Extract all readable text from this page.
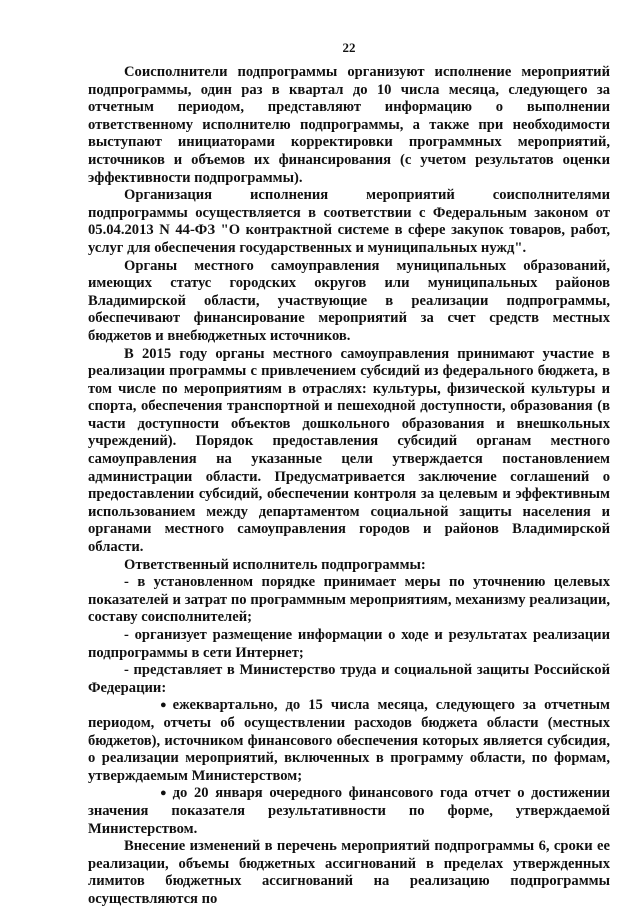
22

Соисполнители подпрограммы организуют исполнение мероприятий подпрограммы, один раз в квартал до 10 числа месяца, следующего за отчетным периодом, представляют информацию о выполнении ответственному исполнителю подпрограммы, а также при необходимости выступают инициаторами корректировки программных мероприятий, источников и объемов их финансирования (с учетом результатов оценки эффективности подпрограммы).

Организация исполнения мероприятий соисполнителями подпрограммы осуществляется в соответствии с Федеральным законом от 05.04.2013 N 44-ФЗ "О контрактной системе в сфере закупок товаров, работ, услуг для обеспечения государственных и муниципальных нужд".

Органы местного самоуправления муниципальных образований, имеющих статус городских округов или муниципальных районов Владимирской области, участвующие в реализации подпрограммы, обеспечивают финансирование мероприятий за счет средств местных бюджетов и внебюджетных источников.

В 2015 году органы местного самоуправления принимают участие в реализации программы с привлечением субсидий из федерального бюджета, в том числе по мероприятиям в отраслях: культуры, физической культуры и спорта, обеспечения транспортной и пешеходной доступности, образования (в части доступности объектов дошкольного образования и внешкольных учреждений). Порядок предоставления субсидий органам местного самоуправления на указанные цели утверждается постановлением администрации области. Предусматривается заключение соглашений о предоставлении субсидий, обеспечении контроля за целевым и эффективным использованием между департаментом социальной защиты населения и органами местного самоуправления городов и районов Владимирской области.

Ответственный исполнитель подпрограммы:

- в установленном порядке принимает меры по уточнению целевых показателей и затрат по программным мероприятиям, механизму реализации, составу соисполнителей;

- организует размещение информации о ходе и результатах реализации подпрограммы в сети Интернет;

- представляет в Министерство труда и социальной защиты Российской Федерации:

● ежеквартально, до 15 числа месяца, следующего за отчетным периодом, отчеты об осуществлении расходов бюджета области (местных бюджетов), источником финансового обеспечения которых является субсидия, о реализации мероприятий, включенных в программу области, по формам, утверждаемым Министерством;

● до 20 января очередного финансового года отчет о достижении значения показателя результативности по форме, утверждаемой Министерством.

Внесение изменений в перечень мероприятий подпрограммы 6, сроки ее реализации, объемы бюджетных ассигнований в пределах утвержденных лимитов бюджетных ассигнований на реализацию подпрограммы осуществляются по
